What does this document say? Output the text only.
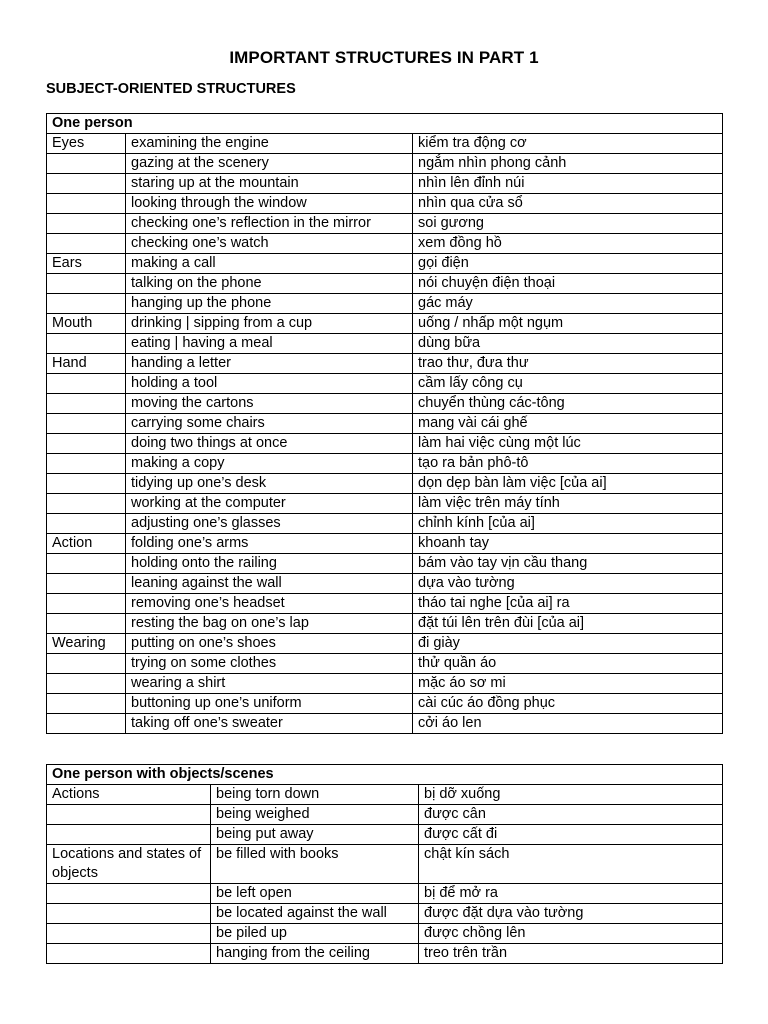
IMPORTANT STRUCTURES IN PART 1
SUBJECT-ORIENTED STRUCTURES
One person		
Eyes	examining the engine	kiểm tra động cơ
	gazing at the scenery	ngắm nhìn phong cảnh
	staring up at the mountain	nhìn lên đỉnh núi
	looking through the window	nhìn qua cửa sổ
	checking one’s reflection in the mirror	soi gương
	checking one’s watch	xem đồng hồ
Ears	making a call	gọi điện
	talking on the phone	nói chuyện điện thoại
	hanging up the phone	gác máy
Mouth	drinking | sipping from a cup	uống / nhấp một ngụm
	eating | having a meal	dùng bữa
Hand	handing a letter	trao thư, đưa thư
	holding a tool	cầm lấy công cụ
	moving the cartons	chuyển thùng các-tông
	carrying some chairs	mang vài cái ghế
	doing two things at once	làm hai việc cùng một lúc
	making a copy	tạo ra bản phô-tô
	tidying up one’s desk	dọn dẹp bàn làm việc [của ai]
	working at the computer	làm việc trên máy tính
	adjusting one’s glasses	chỉnh kính [của ai]
Action	folding one’s arms	khoanh tay
	holding onto the railing	bám vào tay vịn cầu thang
	leaning against the wall	dựa vào tường
	removing one’s headset	tháo tai nghe [của ai] ra
	resting the bag on one’s lap	đặt túi lên trên đùi [của ai]
Wearing	putting on one’s shoes	đi giày
	trying on some clothes	thử quần áo
	wearing a shirt	mặc áo sơ mi
	buttoning up one’s uniform	cài cúc áo đồng phục
	taking off one’s sweater	cởi áo len
One person with objects/scenes		
Actions	being torn down	bị dỡ xuống
	being weighed	được cân
	being put away	được cất đi
Locations and states of objects	be filled with books	chật kín sách
	be left open	bị để mở ra
	be located against the wall	được đặt dựa vào tường
	be piled up	được chồng lên
	hanging from the ceiling	treo trên trần
